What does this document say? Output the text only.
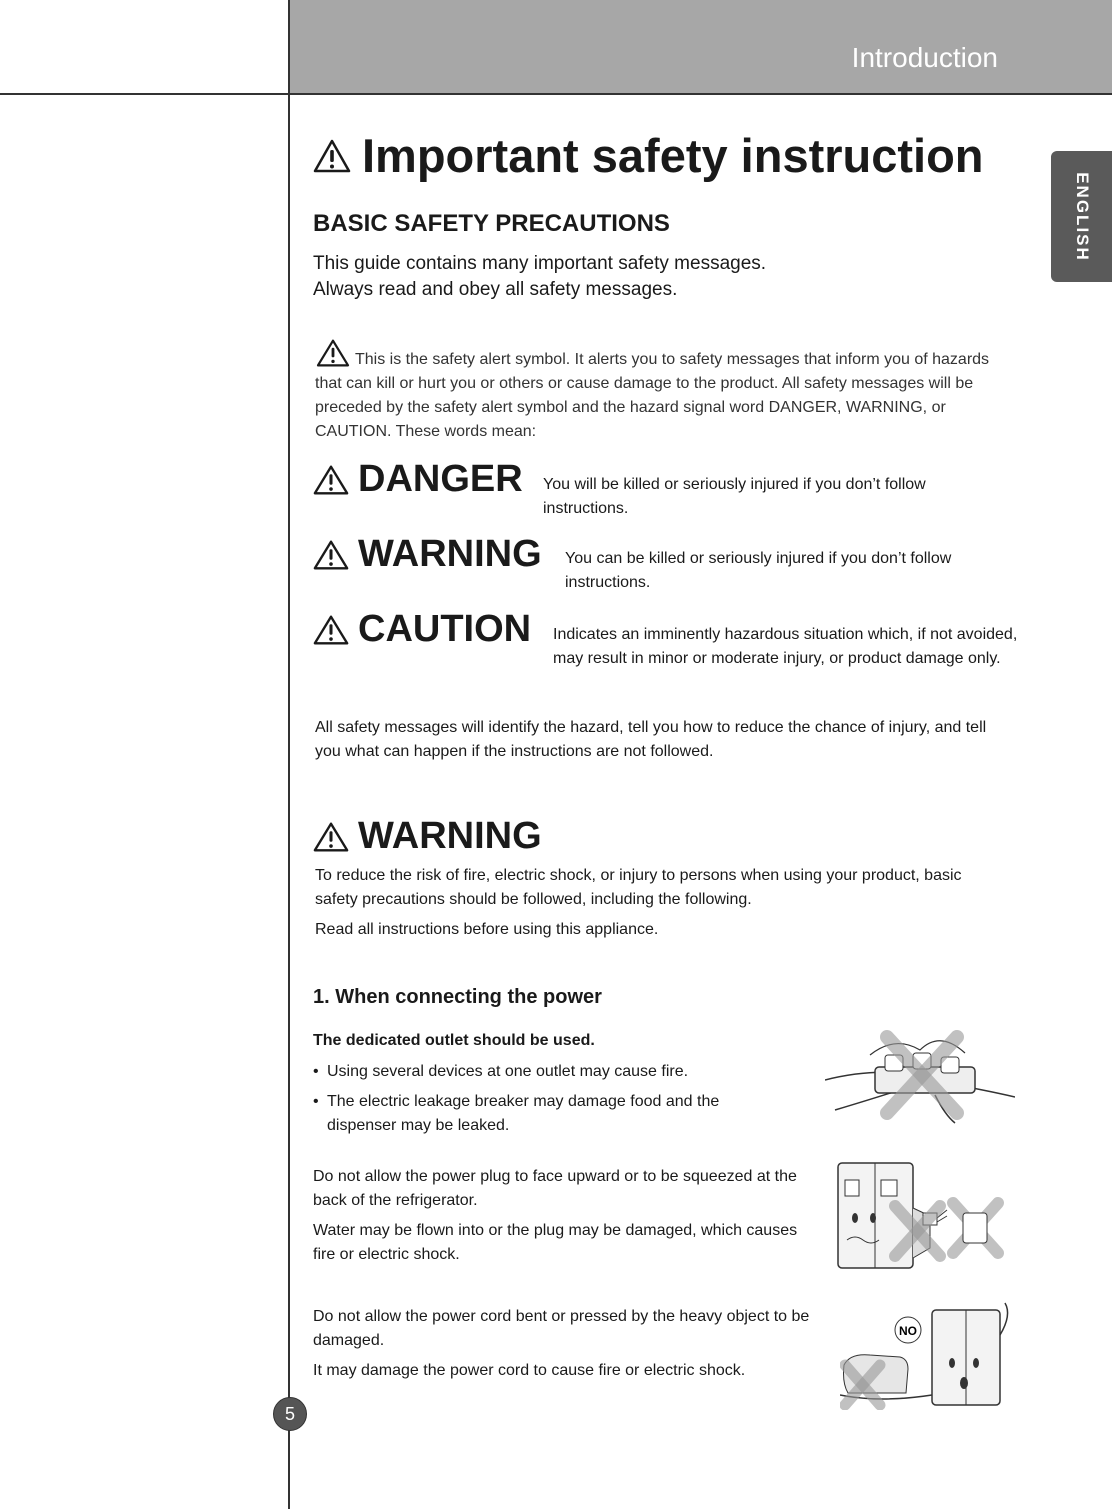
Introduction
ENGLISH
Important safety instruction
BASIC SAFETY PRECAUTIONS
This guide contains many important safety messages.
Always read and obey all safety messages.
This is the safety alert symbol. It alerts you to safety messages that inform you of hazards that can kill or hurt you or others or cause damage to the product. All safety messages will be preceded by the safety alert symbol and the hazard signal word DANGER, WARNING, or CAUTION. These words mean:
DANGER You will be killed or seriously injured if you don’t follow instructions.
WARNING You can be killed or seriously injured if you don’t follow instructions.
CAUTION Indicates an imminently hazardous situation which, if not avoided, may result in minor or moderate injury, or product damage only.
All safety messages will identify the hazard, tell you how to reduce the chance of injury, and tell you what can happen if the instructions are not followed.
WARNING
To reduce the risk of fire, electric shock, or injury to persons when using your product, basic safety precautions should be followed, including the following.
Read all instructions before using this appliance.
1. When connecting the power
The dedicated outlet should be used.
• Using several devices at one outlet may cause fire.
• The electric leakage breaker may damage food and the dispenser may be leaked.
Do not allow the power plug to face upward or to be squeezed at the back of the refrigerator.
Water may be flown into or the plug may be damaged, which causes fire or electric shock.
Do not allow the power cord bent or pressed by the heavy object to be damaged.
It may damage the power cord to cause fire or electric shock.
NO
5
